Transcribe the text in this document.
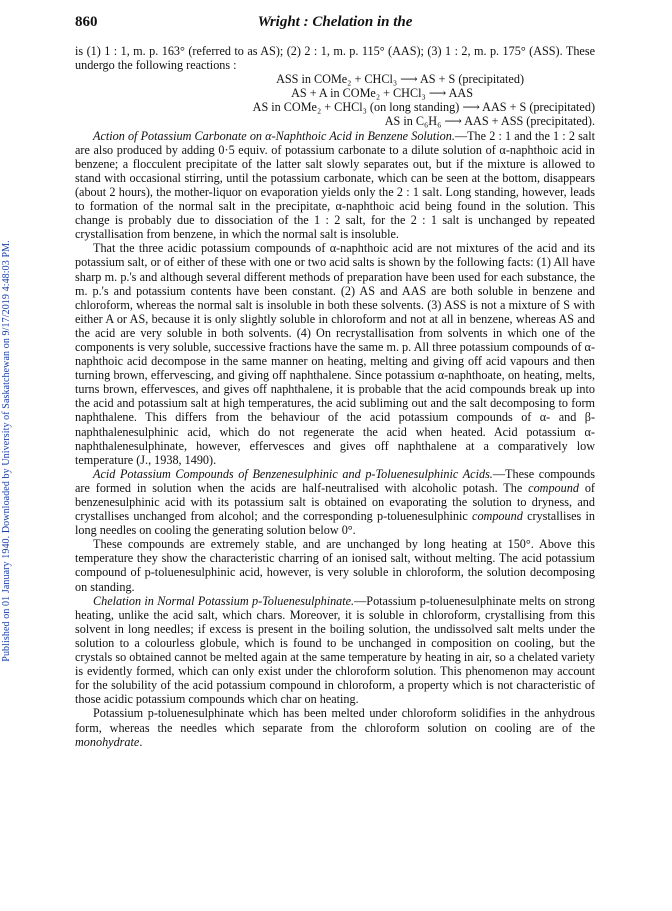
Published on 01 January 1940. Downloaded by University of Saskatchewan on 9/17/2019 4:48:03 PM.
860	Wright : Chelation in the

is (1) 1 : 1, m. p. 163° (referred to as AS); (2) 2 : 1, m. p. 115° (AAS); (3) 1 : 2, m. p. 175° (ASS). These undergo the following reactions :

ASS in COMe₂ + CHCl₃ ⟶ AS + S (precipitated)

AS + A in COMe₂ + CHCl₃ ⟶ AAS

AS in COMe₂ + CHCl₃ (on long standing) ⟶ AAS + S (precipitated)

AS in C₆H₆ ⟶ AAS + ASS (precipitated).

Action of Potassium Carbonate on α-Naphthoic Acid in Benzene Solution.—The 2 : 1 and the 1 : 2 salt are also produced by adding 0·5 equiv. of potassium carbonate to a dilute solution of α-naphthoic acid in benzene; a flocculent precipitate of the latter salt slowly separates out, but if the mixture is allowed to stand with occasional stirring, until the potassium carbonate, which can be seen at the bottom, disappears (about 2 hours), the mother-liquor on evaporation yields only the 2 : 1 salt. Long standing, however, leads to formation of the normal salt in the precipitate, α-naphthoic acid being found in the solution. This change is probably due to dissociation of the 1 : 2 salt, for the 2 : 1 salt is unchanged by repeated crystallisation from benzene, in which the normal salt is insoluble.

That the three acidic potassium compounds of α-naphthoic acid are not mixtures of the acid and its potassium salt, or of either of these with one or two acid salts is shown by the following facts: (1) All have sharp m. p.'s and although several different methods of preparation have been used for each substance, the m. p.'s and potassium contents have been constant. (2) AS and AAS are both soluble in benzene and chloroform, whereas the normal salt is insoluble in both these solvents. (3) ASS is not a mixture of S with either A or AS, because it is only slightly soluble in chloroform and not at all in benzene, whereas AS and the acid are very soluble in both solvents. (4) On recrystallisation from solvents in which one of the components is very soluble, successive fractions have the same m. p. All three potassium compounds of α-naphthoic acid decompose in the same manner on heating, melting and giving off acid vapours and then turning brown, effervescing, and giving off naphthalene. Since potassium α-naphthoate, on heating, melts, turns brown, effervesces, and gives off naphthalene, it is probable that the acid compounds break up into the acid and potassium salt at high temperatures, the acid subliming out and the salt decomposing to form naphthalene. This differs from the behaviour of the acid potassium compounds of α- and β-naphthalenesulphinic acid, which do not regenerate the acid when heated. Acid potassium α-naphthalenesulphinate, however, effervesces and gives off naphthalene at a comparatively low temperature (J., 1938, 1490).

Acid Potassium Compounds of Benzenesulphinic and p-Toluenesulphinic Acids.—These compounds are formed in solution when the acids are half-neutralised with alcoholic potash. The compound of benzenesulphinic acid with its potassium salt is obtained on evaporating the solution to dryness, and crystallises unchanged from alcohol; and the corresponding p-toluenesulphinic compound crystallises in long needles on cooling the generating solution below 0°.

These compounds are extremely stable, and are unchanged by long heating at 150°. Above this temperature they show the characteristic charring of an ionised salt, without melting. The acid potassium compound of p-toluenesulphinic acid, however, is very soluble in chloroform, the solution decomposing on standing.

Chelation in Normal Potassium p-Toluenesulphinate.—Potassium p-toluenesulphinate melts on strong heating, unlike the acid salt, which chars. Moreover, it is soluble in chloroform, crystallising from this solvent in long needles; if excess is present in the boiling solution, the undissolved salt melts under the solution to a colourless globule, which is found to be unchanged in composition on cooling, but the crystals so obtained cannot be melted again at the same temperature by heating in air, so a chelated variety is evidently formed, which can only exist under the chloroform solution. This phenomenon may account for the solubility of the acid potassium compound in chloroform, a property which is not characteristic of those acidic potassium compounds which char on heating.

Potassium p-toluenesulphinate which has been melted under chloroform solidifies in the anhydrous form, whereas the needles which separate from the chloroform solution on cooling are of the monohydrate.
